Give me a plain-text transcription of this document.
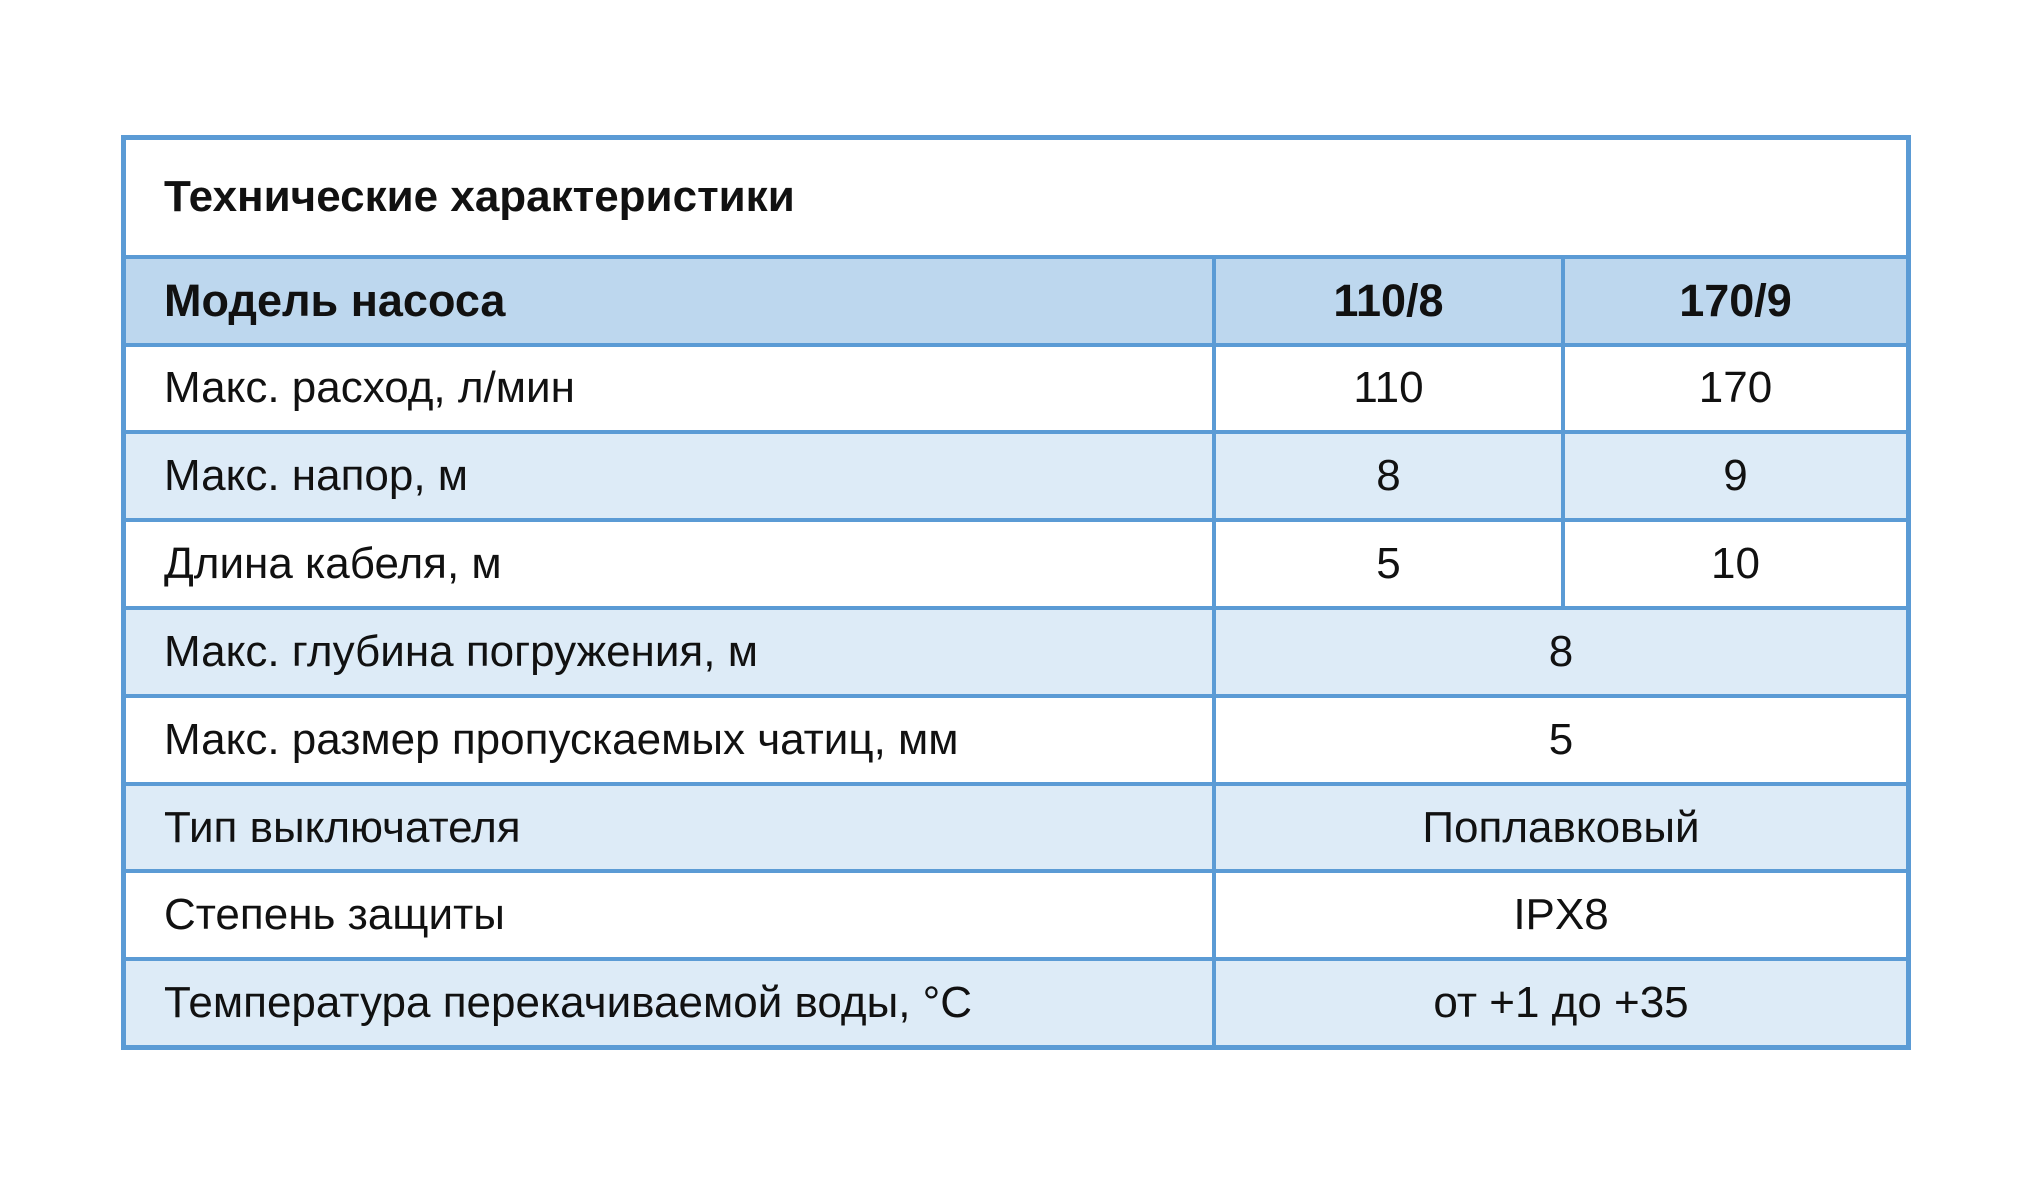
Технические характеристики		
Модель насоса	110/8	170/9
Макс. расход, л/мин	110	170
Макс. напор, м	8	9
Длина кабеля, м	5	10
Макс. глубина погружения, м	8	
Макс. размер пропускаемых чатиц, мм	5	
Тип выключателя	Поплавковый	
Степень защиты	IPX8	
Температура перекачиваемой воды, °С	от +1 до +35	
